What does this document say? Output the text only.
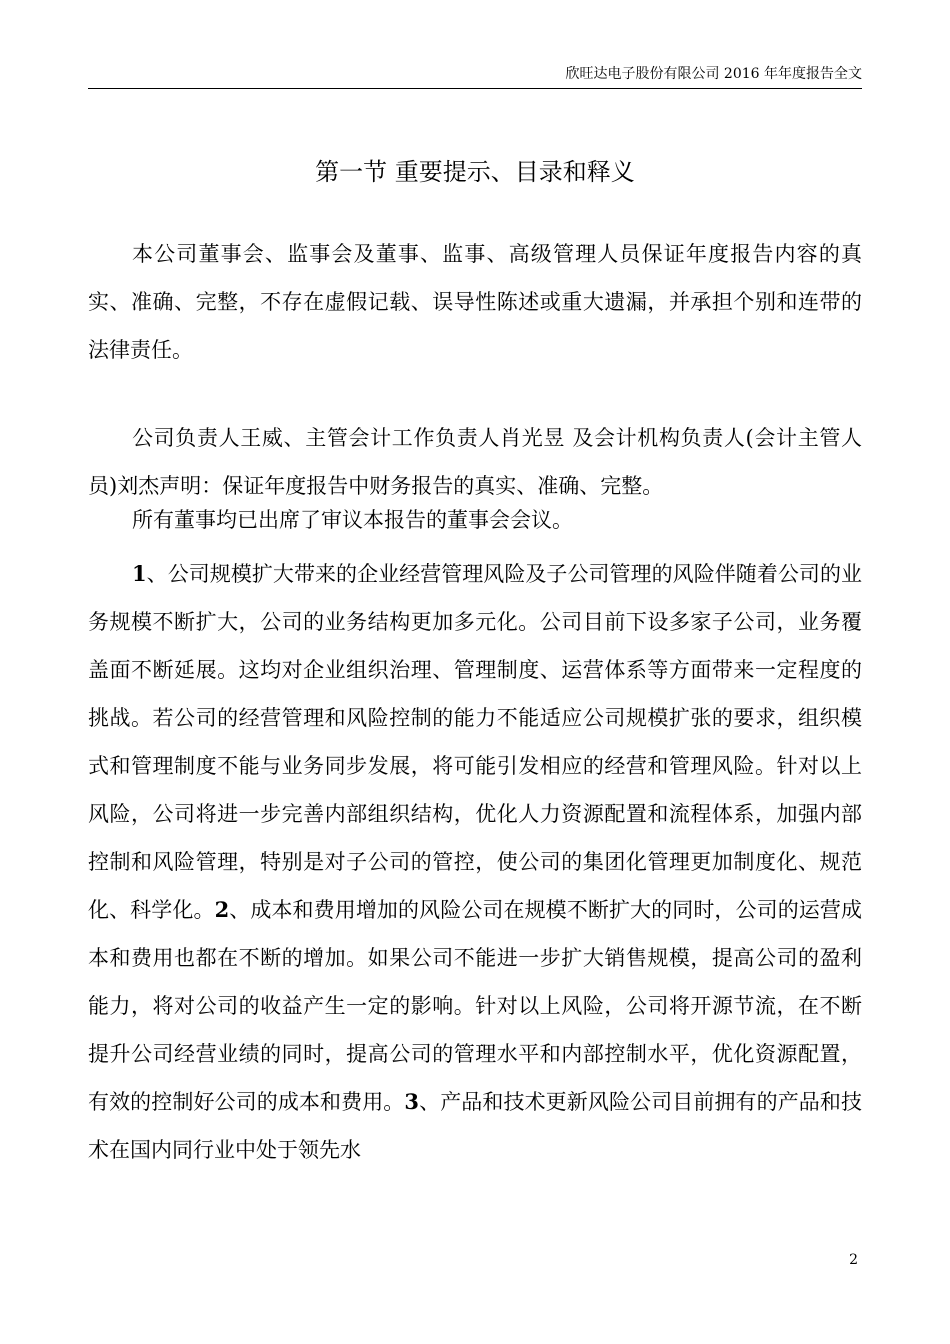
欣旺达电子股份有限公司 2016 年年度报告全文
第一节 重要提示、目录和释义

本公司董事会、监事会及董事、监事、高级管理人员保证年度报告内容的真实、准确、完整，不存在虚假记载、误导性陈述或重大遗漏，并承担个别和连带的法律责任。

公司负责人王威、主管会计工作负责人肖光昱 及会计机构负责人(会计主管人员)刘杰声明：保证年度报告中财务报告的真实、准确、完整。

所有董事均已出席了审议本报告的董事会会议。

1、公司规模扩大带来的企业经营管理风险及子公司管理的风险伴随着公司的业务规模不断扩大，公司的业务结构更加多元化。公司目前下设多家子公司，业务覆盖面不断延展。这均对企业组织治理、管理制度、运营体系等方面带来一定程度的挑战。若公司的经营管理和风险控制的能力不能适应公司规模扩张的要求，组织模式和管理制度不能与业务同步发展，将可能引发相应的经营和管理风险。针对以上风险，公司将进一步完善内部组织结构，优化人力资源配置和流程体系，加强内部控制和风险管理，特别是对子公司的管控，使公司的集团化管理更加制度化、规范化、科学化。2、成本和费用增加的风险公司在规模不断扩大的同时，公司的运营成本和费用也都在不断的增加。如果公司不能进一步扩大销售规模，提高公司的盈利能力，将对公司的收益产生一定的影响。针对以上风险，公司将开源节流，在不断提升公司经营业绩的同时，提高公司的管理水平和内部控制水平，优化资源配置，有效的控制好公司的成本和费用。3、产品和技术更新风险公司目前拥有的产品和技术在国内同行业中处于领先水

2
